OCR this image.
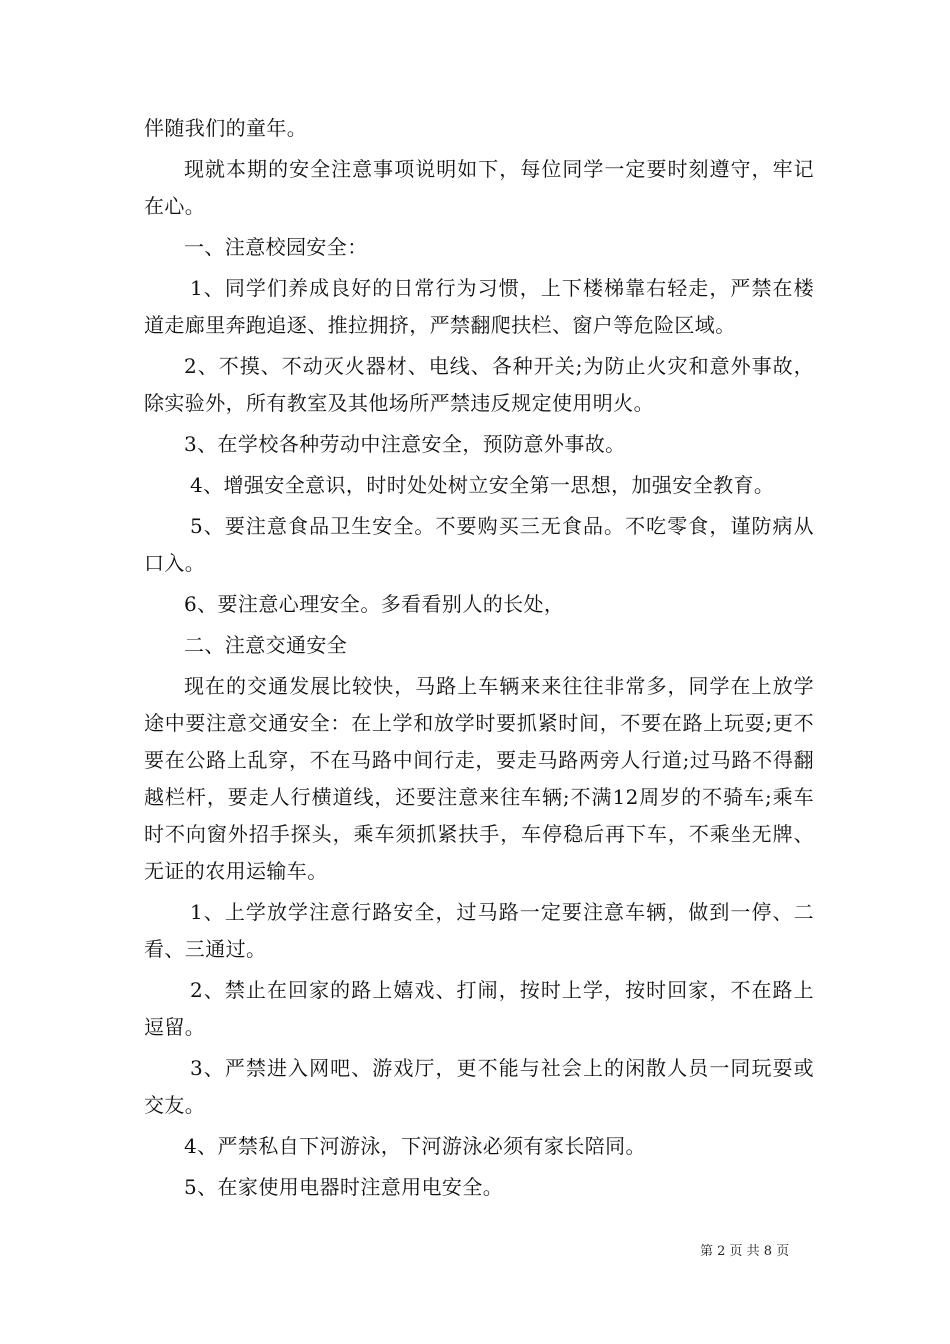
伴随我们的童年。

现就本期的安全注意事项说明如下，每位同学一定要时刻遵守，牢记在心。

一、注意校园安全：

1、同学们养成良好的日常行为习惯，上下楼梯靠右轻走，严禁在楼道走廊里奔跑追逐、推拉拥挤，严禁翻爬扶栏、窗户等危险区域。

2、不摸、不动灭火器材、电线、各种开关;为防止火灾和意外事故，除实验外，所有教室及其他场所严禁违反规定使用明火。

3、在学校各种劳动中注意安全，预防意外事故。

4、增强安全意识，时时处处树立安全第一思想，加强安全教育。

5、要注意食品卫生安全。不要购买三无食品。不吃零食，谨防病从口入。

6、要注意心理安全。多看看别人的长处，

二、注意交通安全

现在的交通发展比较快，马路上车辆来来往往非常多，同学在上放学途中要注意交通安全：在上学和放学时要抓紧时间，不要在路上玩耍;更不要在公路上乱穿，不在马路中间行走，要走马路两旁人行道;过马路不得翻越栏杆，要走人行横道线，还要注意来往车辆;不满12周岁的不骑车;乘车时不向窗外招手探头，乘车须抓紧扶手，车停稳后再下车，不乘坐无牌、无证的农用运输车。

1、上学放学注意行路安全，过马路一定要注意车辆，做到一停、二看、三通过。

2、禁止在回家的路上嬉戏、打闹，按时上学，按时回家，不在路上逗留。

3、严禁进入网吧、游戏厅，更不能与社会上的闲散人员一同玩耍或交友。

4、严禁私自下河游泳，下河游泳必须有家长陪同。

5、在家使用电器时注意用电安全。

第 2 页 共 8 页
